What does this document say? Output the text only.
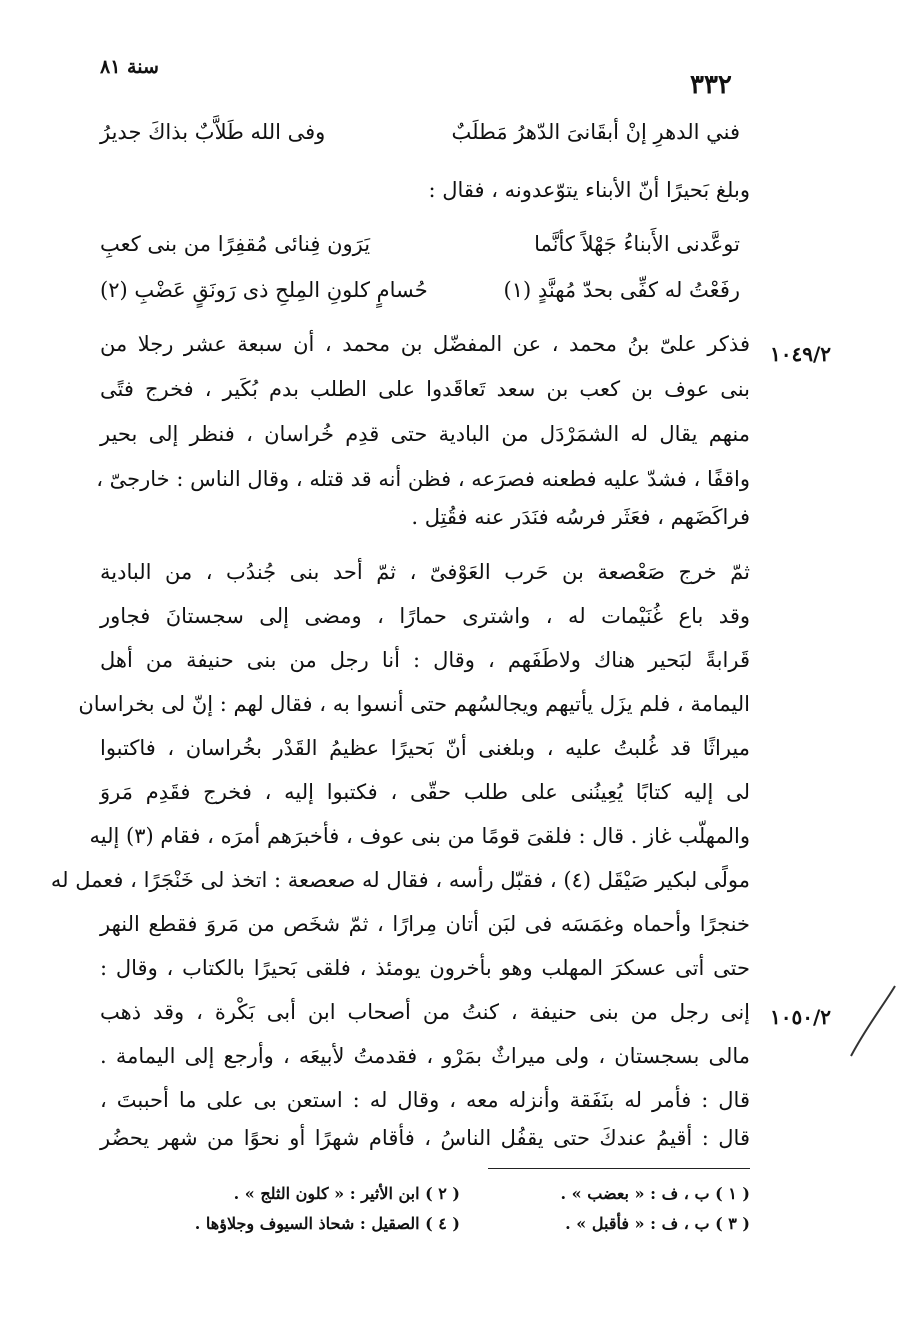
سنة ٨١
٣٣٢
فني الدهرِ إنْ أبقَانىَ الدّهرُ مَطلَبٌ
وفى الله طَلاَّبٌ بذاكَ جديرُ
وبلغ بَحيرًا أنّ الأبناء يتوّعدونه ، فقال :
توعَّدنى الأَبناءُ جَهْلاً كأنَّما
يَرَون فِنائى مُقفِرًا من بنى كعبِ
رفَعْتُ له كفِّى بحدّ مُهنَّدٍ (١)
حُسامٍ كلونِ المِلحِ ذى رَونَقٍ عَضْبِ (٢)
١٠٤٩/٢
فذكر علىّ بنُ محمد ، عن المفضّل بن محمد ، أن سبعة عشر رجلا من
بنى عوف بن كعب بن سعد تَعاقَدوا على الطلب بدم بُكَير ، فخرج فتًى
منهم يقال له الشمَرْدَل من البادية حتى قدِم خُراسان ، فنظر إلى بحير
واقفًا ، فشدّ عليه فطعنه فصرَعه ، فظن أنه قد قتله ، وقال الناس : خارجىّ ،
فراكَضَهم ، فعَثَر فرسُه فنَدَر عنه فقُتِل .
ثمّ خرج صَعْصعة بن حَرب العَوْفىّ ، ثمّ أحد بنى جُندُب ، من البادية
وقد باع غُنَيْمات له ، واشترى حمارًا ، ومضى إلى سجستانَ فجاور
قَرابةً لبَحير هناك ولاطَفَهم ، وقال : أنا رجل من بنى حنيفة من أهل
اليمامة ، فلم يزَل يأتيهم ويجالسُهم حتى أنسوا به ، فقال لهم : إنّ لى بخراسان
ميراثًا قد غُلبتُ عليه ، وبلغنى أنّ بَحيرًا عظيمُ القَدْر بخُراسان ، فاكتبوا
لى إليه كتابًا يُعِينُنى على طلب حقّى ، فكتبوا إليه ، فخرج فقَدِم مَروَ
والمهلّب غاز . قال : فلقىَ قومًا من بنى عوف ، فأخبرَهم أمرَه ، فقام (٣) إليه
مولًى لبكير صَيْقَل (٤) ، فقبّل رأسه ، فقال له صعصعة : اتخذ لى خَنْجَرًا ، فعمل له
خنجرًا وأحماه وغمَسَه فى لبَن أتان مِرارًا ، ثمّ شخَص من مَروَ فقطع النهر
حتى أتى عسكرَ المهلب وهو بأخرون يومئذ ، فلقى بَحيرًا بالكتاب ، وقال :
١٠٥٠/٢
إنى رجل من بنى حنيفة ، كنتُ من أصحاب ابن أبى بَكْرة ، وقد ذهب
مالى بسجستان ، ولى ميراثٌ بمَرْو ، فقدمتُ لأبيعَه ، وأرجع إلى اليمامة .
قال : فأمر له بنَفَقة وأنزله معه ، وقال له : استعن بى على ما أحببتَ ،
قال : أقيمُ عندكَ حتى يقفُل الناسُ ، فأقام شهرًا أو نحوًا من شهر يحضُر
( ١ ) ب ، ف : « بعضب » .
( ٢ ) ابن الأثير : « كلون الثلج » .
( ٣ ) ب ، ف : « فأقبل » .
( ٤ ) الصقيل : شحاذ السيوف وجلاؤها .
